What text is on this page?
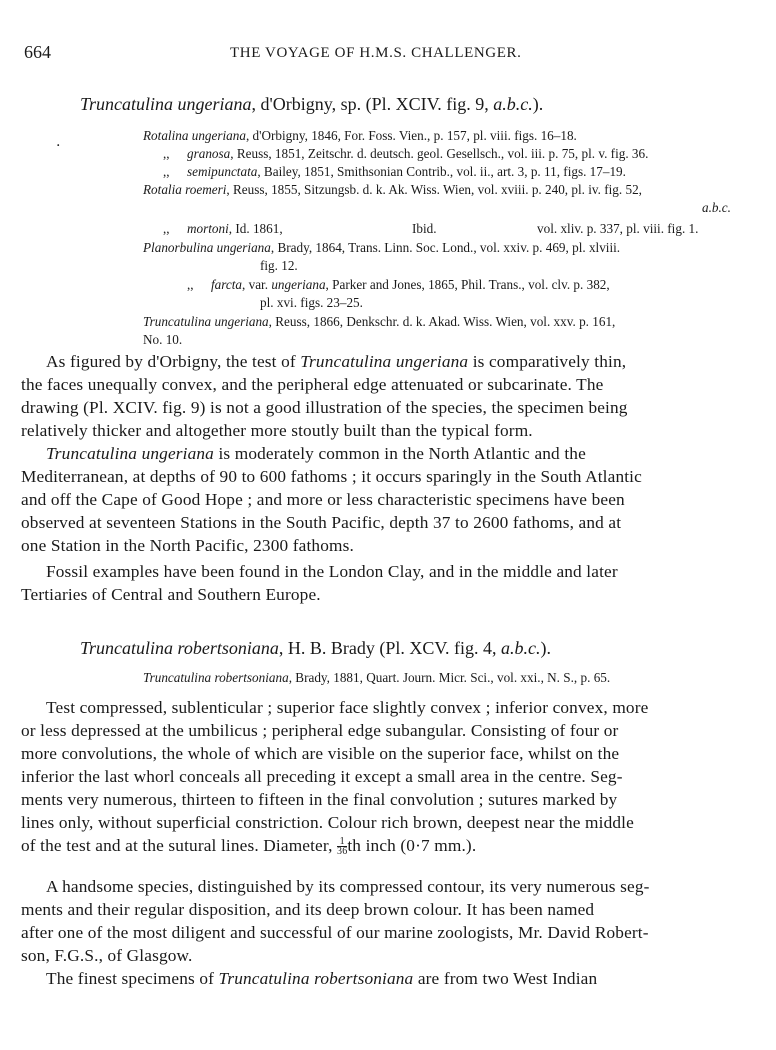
664	THE VOYAGE OF H.M.S. CHALLENGER.
Truncatulina ungeriana, d'Orbigny, sp. (Pl. XCIV. fig. 9, a.b.c.).
.	Rotalina ungeriana, d'Orbigny, 1846, For. Foss. Vien., p. 157, pl. viii. figs. 16–18.
,, granosa, Reuss, 1851, Zeitschr. d. deutsch. geol. Gesellsch., vol. iii. p. 75, pl. v. fig. 36.
,, semipunctata, Bailey, 1851, Smithsonian Contrib., vol. ii., art. 3, p. 11, figs. 17–19.
Rotalia roemeri, Reuss, 1855, Sitzungsb. d. k. Ak. Wiss. Wien, vol. xviii. p. 240, pl. iv. fig. 52,
a.b.c.
,, mortoni, Id. 1861,	Ibid.	vol. xliv. p. 337, pl. viii. fig. 1.
Planorbulina ungeriana, Brady, 1864, Trans. Linn. Soc. Lond., vol. xxiv. p. 469, pl. xlviii.
fig. 12.
,, farcta, var. ungeriana, Parker and Jones, 1865, Phil. Trans., vol. clv. p. 382,
pl. xvi. figs. 23–25.
Truncatulina ungeriana, Reuss, 1866, Denkschr. d. k. Akad. Wiss. Wien, vol. xxv. p. 161,
No. 10.
As figured by d'Orbigny, the test of Truncatulina ungeriana is comparatively thin,
the faces unequally convex, and the peripheral edge attenuated or subcarinate. The
drawing (Pl. XCIV. fig. 9) is not a good illustration of the species, the specimen being
relatively thicker and altogether more stoutly built than the typical form.
Truncatulina ungeriana is moderately common in the North Atlantic and the
Mediterranean, at depths of 90 to 600 fathoms ; it occurs sparingly in the South Atlantic
and off the Cape of Good Hope ; and more or less characteristic specimens have been
observed at seventeen Stations in the South Pacific, depth 37 to 2600 fathoms, and at
one Station in the North Pacific, 2300 fathoms.
Fossil examples have been found in the London Clay, and in the middle and later
Tertiaries of Central and Southern Europe.
Truncatulina robertsoniana, H. B. Brady (Pl. XCV. fig. 4, a.b.c.).
Truncatulina robertsoniana, Brady, 1881, Quart. Journ. Micr. Sci., vol. xxi., N. S., p. 65.
Test compressed, sublenticular ; superior face slightly convex ; inferior convex, more
or less depressed at the umbilicus ; peripheral edge subangular. Consisting of four or
more convolutions, the whole of which are visible on the superior face, whilst on the
inferior the last whorl conceals all preceding it except a small area in the centre. Seg-
ments very numerous, thirteen to fifteen in the final convolution ; sutures marked by
lines only, without superficial constriction. Colour rich brown, deepest near the middle
of the test and at the sutural lines. Diameter, $\frac{1}{36}$ th inch (0·7 mm.).
A handsome species, distinguished by its compressed contour, its very numerous seg-
ments and their regular disposition, and its deep brown colour. It has been named
after one of the most diligent and successful of our marine zoologists, Mr. David Robert-
son, F.G.S., of Glasgow.
The finest specimens of Truncatulina robertsoniana are from two West Indian
